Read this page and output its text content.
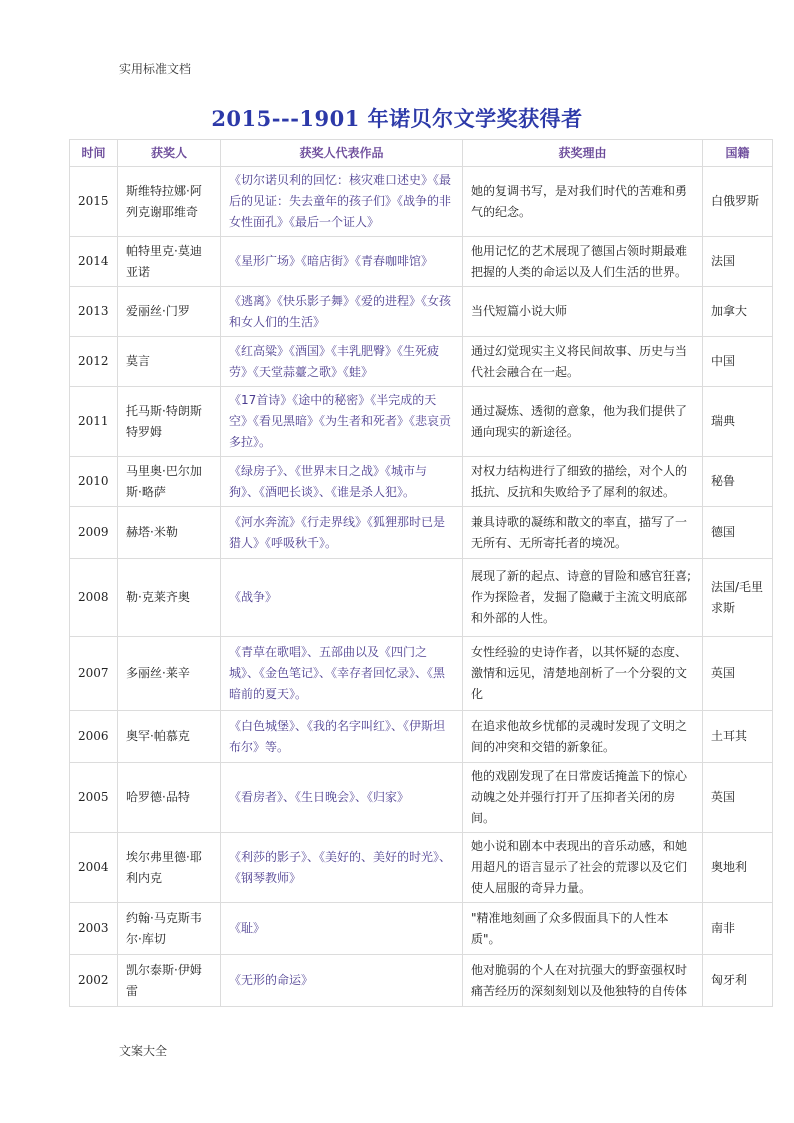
实用标准文档
2015---1901 年诺贝尔文学奖获得者
时间	获奖人	获奖人代表作品	获奖理由	国籍
2015	斯维特拉娜·阿列克谢耶维奇	《切尔诺贝利的回忆：核灾难口述史》《最后的见证：失去童年的孩子们》《战争的非女性面孔》《最后一个证人》	她的复调书写，是对我们时代的苦难和勇气的纪念。	白俄罗斯
2014	帕特里克·莫迪亚诺	《星形广场》《暗店街》《青春咖啡馆》	他用记忆的艺术展现了德国占领时期最难把握的人类的命运以及人们生活的世界。	法国
2013	爱丽丝·门罗	《逃离》《快乐影子舞》《爱的进程》《女孩和女人们的生活》	当代短篇小说大师	加拿大
2012	莫言	《红高粱》《酒国》《丰乳肥臀》《生死疲劳》《天堂蒜薹之歌》《蛙》	通过幻觉现实主义将民间故事、历史与当代社会融合在一起。	中国
2011	托马斯·特朗斯特罗姆	《17首诗》《途中的秘密》《半完成的天空》《看见黑暗》《为生者和死者》《悲哀贡多拉》。	通过凝炼、透彻的意象，他为我们提供了通向现实的新途径。	瑞典
2010	马里奥·巴尔加斯·略萨	《绿房子》、《世界末日之战》《城市与狗》、《酒吧长谈》、《谁是杀人犯》。	对权力结构进行了细致的描绘，对个人的抵抗、反抗和失败给予了犀利的叙述。	秘鲁
2009	赫塔·米勒	《河水奔流》《行走界线》《狐狸那时已是猎人》《呼吸秋千》。	兼具诗歌的凝练和散文的率直，描写了一无所有、无所寄托者的境况。	德国
2008	勒·克莱齐奥	《战争》	展现了新的起点、诗意的冒险和感官狂喜;作为探险者，发掘了隐藏于主流文明底部和外部的人性。	法国/毛里求斯
2007	多丽丝·莱辛	《青草在歌唱》、五部曲以及《四门之城》、《金色笔记》、《幸存者回忆录》、《黑暗前的夏天》。	女性经验的史诗作者，以其怀疑的态度、激情和远见，清楚地剖析了一个分裂的文化	英国
2006	奥罕·帕慕克	《白色城堡》、《我的名字叫红》、《伊斯坦布尔》等。	在追求他故乡忧郁的灵魂时发现了文明之间的冲突和交错的新象征。	土耳其
2005	哈罗德·品特	《看房者》、《生日晚会》、《归家》	他的戏剧发现了在日常废话掩盖下的惊心动魄之处并强行打开了压抑者关闭的房间。	英国
2004	埃尔弗里德·耶利内克	《利莎的影子》、《美好的、美好的时光》、《钢琴教师》	她小说和剧本中表现出的音乐动感，和她用超凡的语言显示了社会的荒谬以及它们使人屈服的奇异力量。	奥地利
2003	约翰·马克斯韦尔·库切	《耻》	"精准地刻画了众多假面具下的人性本质"。	南非
2002	凯尔泰斯·伊姆雷	《无形的命运》	他对脆弱的个人在对抗强大的野蛮强权时痛苦经历的深刻刻划以及他独特的自传体	匈牙利
文案大全
